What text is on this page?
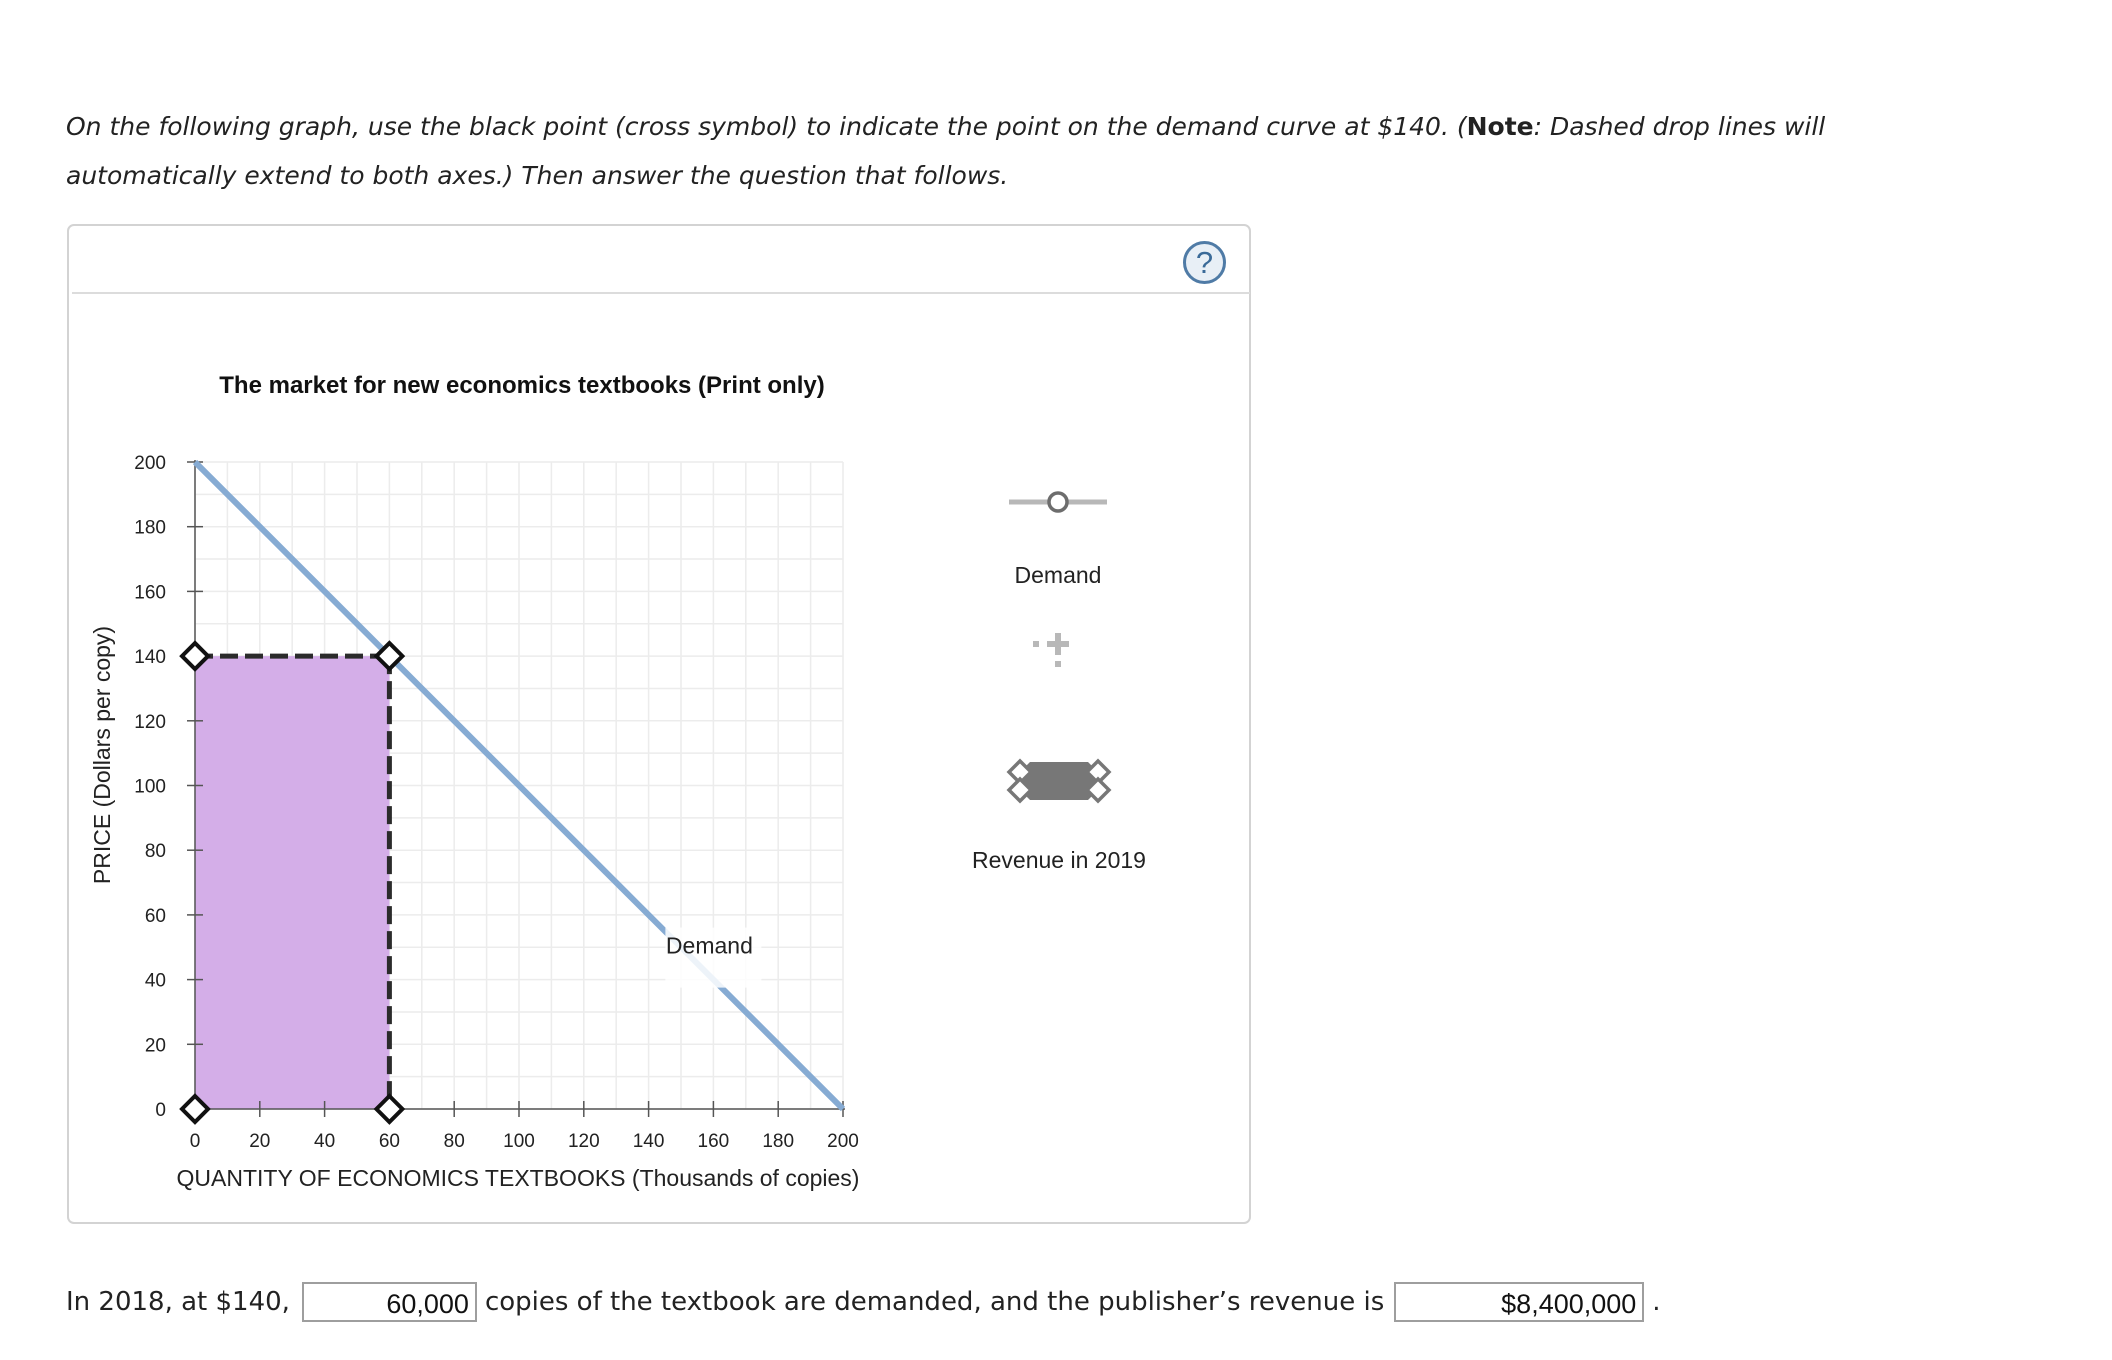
On the following graph, use the black point (cross symbol) to indicate the point on the demand curve at $140. (Note: Dashed drop lines will automatically extend to both axes.) Then answer the question that follows.
?
The market for new economics textbooks (Print only)
PRICE (Dollars per copy)
QUANTITY OF ECONOMICS TEXTBOOKS (Thousands of copies)
0
20
40
60
80
100
120
140
160
180
200
0	20 40 60 80 100 120 140 160 180 200
Demand
Demand
Revenue in 2019
In 2018, at $140,	60,000 copies of the textbook are demanded, and the publisher’s revenue is	$8,400,000 .
